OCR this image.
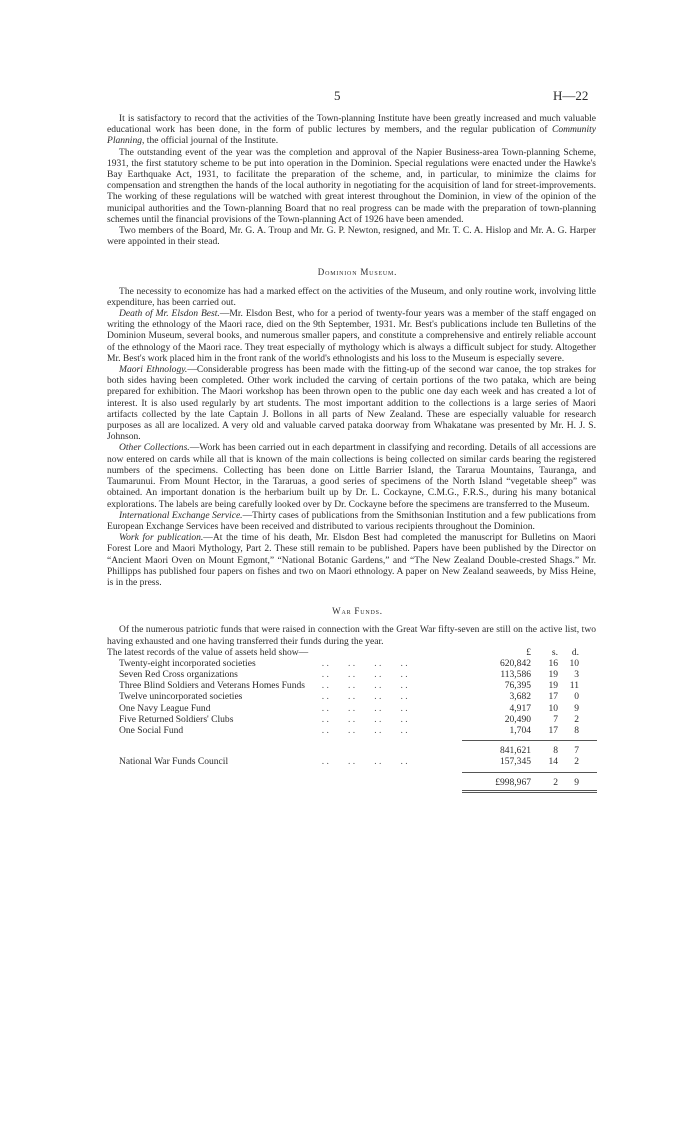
5	H—22

It is satisfactory to record that the activities of the Town-planning Institute have been greatly increased and much valuable educational work has been done, in the form of public lectures by members, and the regular publication of Community Planning, the official journal of the Institute.

The outstanding event of the year was the completion and approval of the Napier Business-area Town-planning Scheme, 1931, the first statutory scheme to be put into operation in the Dominion. Special regulations were enacted under the Hawke's Bay Earthquake Act, 1931, to facilitate the preparation of the scheme, and, in particular, to minimize the claims for compensation and strengthen the hands of the local authority in negotiating for the acquisition of land for street-improvements. The working of these regulations will be watched with great interest throughout the Dominion, in view of the opinion of the municipal authorities and the Town-planning Board that no real progress can be made with the preparation of town-planning schemes until the financial provisions of the Town-planning Act of 1926 have been amended.

Two members of the Board, Mr. G. A. Troup and Mr. G. P. Newton, resigned, and Mr. T. C. A. Hislop and Mr. A. G. Harper were appointed in their stead.

Dominion Museum.

The necessity to economize has had a marked effect on the activities of the Museum, and only routine work, involving little expenditure, has been carried out.

Death of Mr. Elsdon Best.—Mr. Elsdon Best, who for a period of twenty-four years was a member of the staff engaged on writing the ethnology of the Maori race, died on the 9th September, 1931. Mr. Best's publications include ten Bulletins of the Dominion Museum, several books, and numerous smaller papers, and constitute a comprehensive and entirely reliable account of the ethnology of the Maori race. They treat especially of mythology which is always a difficult subject for study. Altogether Mr. Best's work placed him in the front rank of the world's ethnologists and his loss to the Museum is especially severe.

Maori Ethnology.—Considerable progress has been made with the fitting-up of the second war canoe, the top strakes for both sides having been completed. Other work included the carving of certain portions of the two pataka, which are being prepared for exhibition. The Maori workshop has been thrown open to the public one day each week and has created a lot of interest. It is also used regularly by art students. The most important addition to the collections is a large series of Maori artifacts collected by the late Captain J. Bollons in all parts of New Zealand. These are especially valuable for research purposes as all are localized. A very old and valuable carved pataka doorway from Whakatane was presented by Mr. H. J. S. Johnson.

Other Collections.—Work has been carried out in each department in classifying and recording. Details of all accessions are now entered on cards while all that is known of the main collections is being collected on similar cards bearing the registered numbers of the specimens. Collecting has been done on Little Barrier Island, the Tararua Mountains, Tauranga, and Taumarunui. From Mount Hector, in the Tararuas, a good series of specimens of the North Island “vegetable sheep” was obtained. An important donation is the herbarium built up by Dr. L. Cockayne, C.M.G., F.R.S., during his many botanical explorations. The labels are being carefully looked over by Dr. Cockayne before the specimens are transferred to the Museum.

International Exchange Service.—Thirty cases of publications from the Smithsonian Institution and a few publications from European Exchange Services have been received and distributed to various recipients throughout the Dominion.

Work for publication.—At the time of his death, Mr. Elsdon Best had completed the manuscript for Bulletins on Maori Forest Lore and Maori Mythology, Part 2. These still remain to be published. Papers have been published by the Director on “Ancient Maori Oven on Mount Egmont,” “National Botanic Gardens,” and “The New Zealand Double-crested Shags.” Mr. Phillipps has published four papers on fishes and two on Maori ethnology. A paper on New Zealand seaweeds, by Miss Heine, is in the press.

War Funds.

Of the numerous patriotic funds that were raised in connection with the Great War fifty-seven are still on the active list, two having exhausted and one having transferred their funds during the year.

The latest records of the value of assets held show—	£	s.	d.
Twenty-eight incorporated societies	. .        . .        . .        . .	620,842	16	10
Seven Red Cross organizations	. .        . .        . .        . .	113,586	19	3
Three Blind Soldiers and Veterans Homes Funds . .        . .        . .        . .	76,395	19	11
Twelve unincorporated societies	. .        . .        . .        . .	3,682	17	0
One Navy League Fund	. .        . .        . .        . .	4,917	10	9
Five Returned Soldiers' Clubs	. .        . .        . .        . .	20,490	7	2
One Social Fund	. .        . .        . .        . .	1,704	17	8
841,621	8	7
National War Funds Council	. .        . .        . .        . .	157,345	14	2
£998,967	2	9
